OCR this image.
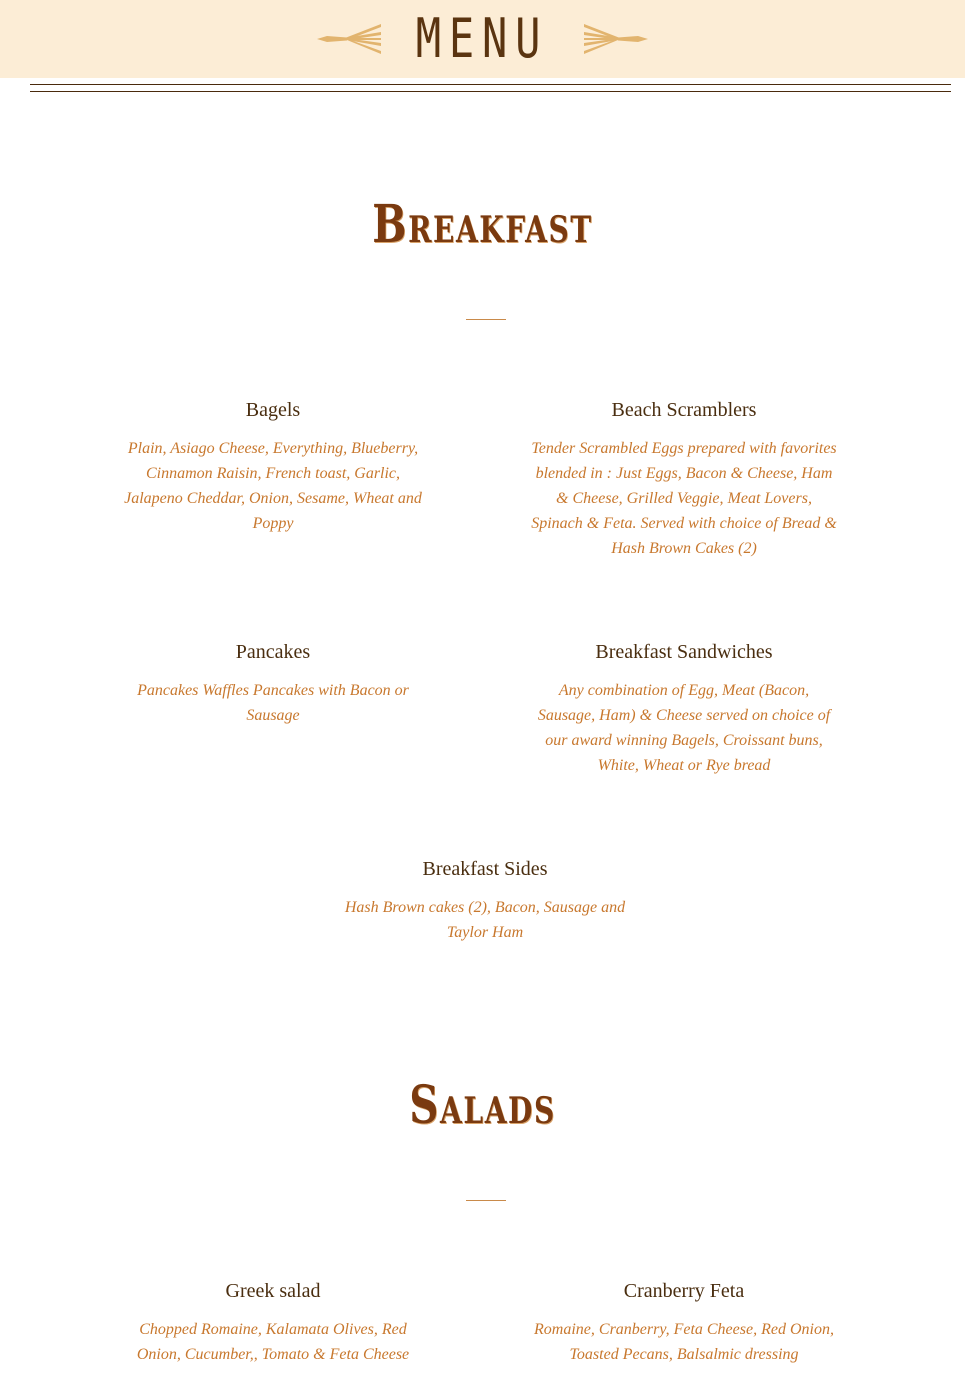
MENU
Breakfast
Bagels
Plain, Asiago Cheese, Everything, Blueberry, Cinnamon Raisin, French toast, Garlic, Jalapeno Cheddar, Onion, Sesame, Wheat and Poppy
Beach Scramblers
Tender Scrambled Eggs prepared with favorites blended in : Just Eggs, Bacon & Cheese, Ham & Cheese, Grilled Veggie, Meat Lovers, Spinach & Feta. Served with choice of Bread & Hash Brown Cakes (2)
Pancakes
Pancakes Waffles Pancakes with Bacon or Sausage
Breakfast Sandwiches
Any combination of Egg, Meat (Bacon, Sausage, Ham) & Cheese served on choice of our award winning Bagels, Croissant buns, White, Wheat or Rye bread
Breakfast Sides
Hash Brown cakes (2), Bacon, Sausage and Taylor Ham
Salads
Greek salad
Chopped Romaine, Kalamata Olives, Red Onion, Cucumber,, Tomato & Feta Cheese
Cranberry Feta
Romaine, Cranberry, Feta Cheese, Red Onion, Toasted Pecans, Balsalmic dressing
